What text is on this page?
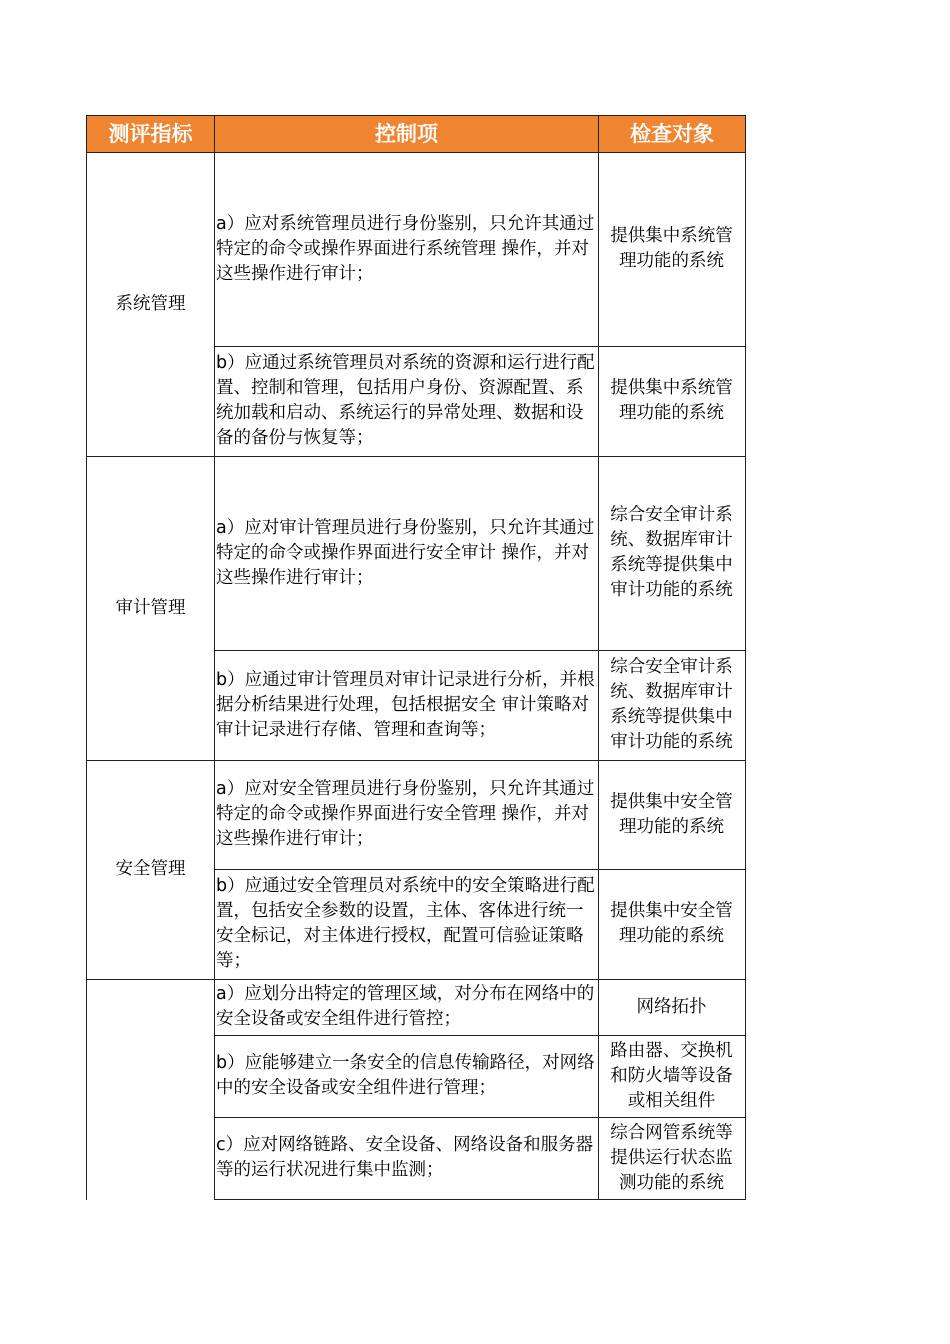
测评指标	控制项	检查对象
系统管理
a）应对系统管理员进行身份鉴别，只允许其通过特定的命令或操作界面进行系统管理 操作，并对这些操作进行审计；
提供集中系统管理功能的系统
b）应通过系统管理员对系统的资源和运行进行配置、控制和管理，包括用户身份、资源配置、系统加载和启动、系统运行的异常处理、数据和设备的备份与恢复等；
提供集中系统管理功能的系统
审计管理
a）应对审计管理员进行身份鉴别，只允许其通过特定的命令或操作界面进行安全审计 操作，并对这些操作进行审计；
综合安全审计系统、数据库审计系统等提供集中审计功能的系统
b）应通过审计管理员对审计记录进行分析，并根据分析结果进行处理，包括根据安全 审计策略对审计记录进行存储、管理和查询等；
综合安全审计系统、数据库审计系统等提供集中审计功能的系统
安全管理
a）应对安全管理员进行身份鉴别，只允许其通过特定的命令或操作界面进行安全管理 操作，并对这些操作进行审计；
提供集中安全管理功能的系统
b）应通过安全管理员对系统中的安全策略进行配置，包括安全参数的设置，主体、客体进行统一安全标记，对主体进行授权，配置可信验证策略等；
提供集中安全管理功能的系统
a）应划分出特定的管理区域，对分布在网络中的安全设备或安全组件进行管控；
网络拓扑
b）应能够建立一条安全的信息传输路径，对网络中的安全设备或安全组件进行管理；
路由器、交换机和防火墙等设备或相关组件
c）应对网络链路、安全设备、网络设备和服务器等的运行状况进行集中监测；
综合网管系统等提供运行状态监测功能的系统
